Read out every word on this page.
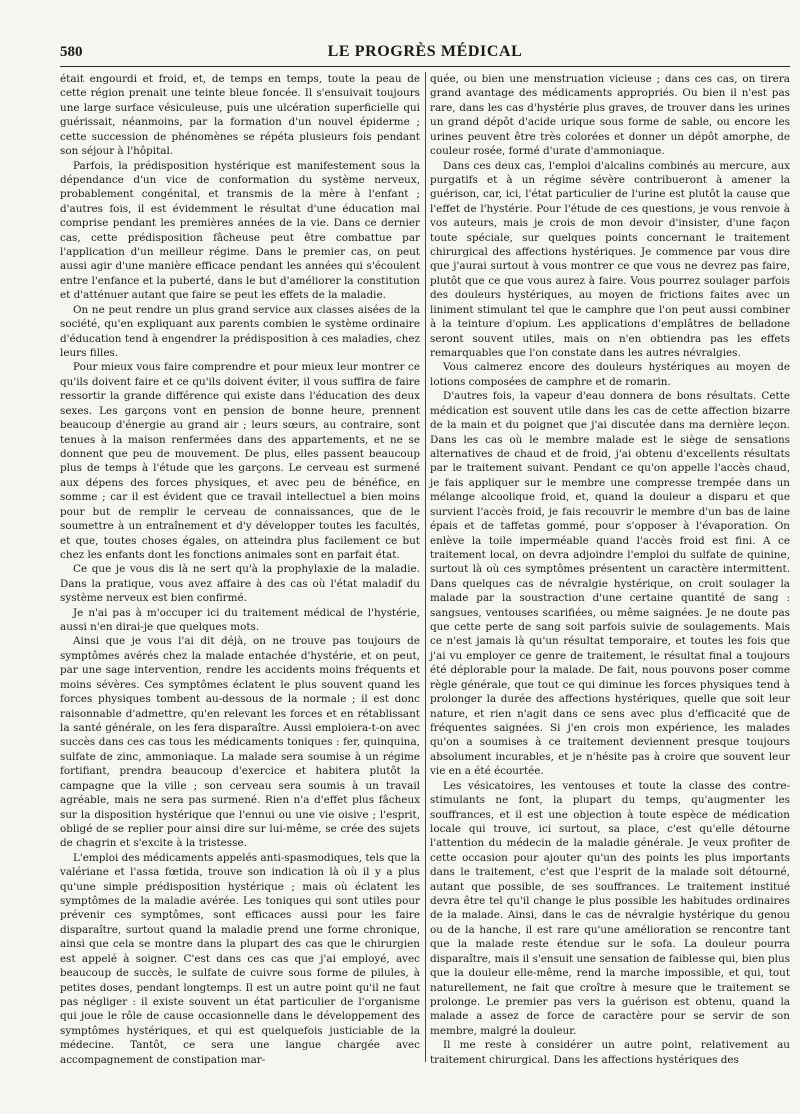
580	LE PROGRÈS MÉDICAL

était engourdi et froid, et, de temps en temps, toute la peau de cette région prenait une teinte bleue foncée. Il s'ensuivait toujours une large surface vésiculeuse, puis une ulcération superficielle qui guérissait, néanmoins, par la formation d'un nouvel épiderme ; cette succession de phénomènes se répéta plusieurs fois pendant son séjour à l'hôpital.

Parfois, la prédisposition hystérique est manifestement sous la dépendance d'un vice de conformation du système nerveux, probablement congénital, et transmis de la mère à l'enfant ; d'autres fois, il est évidemment le résultat d'une éducation mal comprise pendant les premières années de la vie. Dans ce dernier cas, cette prédisposition fâcheuse peut être combattue par l'application d'un meilleur régime. Dans le premier cas, on peut aussi agir d'une manière efficace pendant les années qui s'écoulent entre l'enfance et la puberté, dans le but d'améliorer la constitution et d'atténuer autant que faire se peut les effets de la maladie.

On ne peut rendre un plus grand service aux classes aisées de la société, qu'en expliquant aux parents combien le système ordinaire d'éducation tend à engendrer la prédisposition à ces maladies, chez leurs filles.

Pour mieux vous faire comprendre et pour mieux leur montrer ce qu'ils doivent faire et ce qu'ils doivent éviter, il vous suffira de faire ressortir la grande différence qui existe dans l'éducation des deux sexes. Les garçons vont en pension de bonne heure, prennent beaucoup d'énergie au grand air ; leurs sœurs, au contraire, sont tenues à la maison renfermées dans des appartements, et ne se donnent que peu de mouvement. De plus, elles passent beaucoup plus de temps à l'étude que les garçons. Le cerveau est surmené aux dépens des forces physiques, et avec peu de bénéfice, en somme ; car il est évident que ce travail intellectuel a bien moins pour but de remplir le cerveau de connaissances, que de le soumettre à un entraînement et d'y développer toutes les facultés, et que, toutes choses égales, on atteindra plus facilement ce but chez les enfants dont les fonctions animales sont en parfait état.

Ce que je vous dis là ne sert qu'à la prophylaxie de la maladie. Dans la pratique, vous avez affaire à des cas où l'état maladif du système nerveux est bien confirmé.

Je n'ai pas à m'occuper ici du traitement médical de l'hystérie, aussi n'en dirai-je que quelques mots.

Ainsi que je vous l'ai dit déjà, on ne trouve pas toujours de symptômes avérés chez la malade entachée d'hystérie, et on peut, par une sage intervention, rendre les accidents moins fréquents et moins sévères. Ces symptômes éclatent le plus souvent quand les forces physiques tombent au-dessous de la normale ; il est donc raisonnable d'admettre, qu'en relevant les forces et en rétablissant la santé générale, on les fera disparaître. Aussi emploiera-t-on avec succès dans ces cas tous les médicaments toniques : fer, quinquina, sulfate de zinc, ammoniaque. La malade sera soumise à un régime fortifiant, prendra beaucoup d'exercice et habitera plutôt la campagne que la ville ; son cerveau sera soumis à un travail agréable, mais ne sera pas surmené. Rien n'a d'effet plus fâcheux sur la disposition hystérique que l'ennui ou une vie oisive ; l'esprit, obligé de se replier pour ainsi dire sur lui-même, se crée des sujets de chagrin et s'excite à la tristesse.

L'emploi des médicaments appelés anti-spasmodiques, tels que la valériane et l'assa fœtida, trouve son indication là où il y a plus qu'une simple prédisposition hystérique ; mais où éclatent les symptômes de la maladie avérée. Les toniques qui sont utiles pour prévenir ces symptômes, sont efficaces aussi pour les faire disparaître, surtout quand la maladie prend une forme chronique, ainsi que cela se montre dans la plupart des cas que le chirurgien est appelé à soigner. C'est dans ces cas que j'ai employé, avec beaucoup de succès, le sulfate de cuivre sous forme de pilules, à petites doses, pendant longtemps. Il est un autre point qu'il ne faut pas négliger : il existe souvent un état particulier de l'organisme qui joue le rôle de cause occasionnelle dans le développement des symptômes hystériques, et qui est quelquefois justiciable de la médecine. Tantôt, ce sera une langue chargée avec accompagnement de constipation mar-

quée, ou bien une menstruation vicieuse ; dans ces cas, on tirera grand avantage des médicaments appropriés. Ou bien il n'est pas rare, dans les cas d'hystérie plus graves, de trouver dans les urines un grand dépôt d'acide urique sous forme de sable, ou encore les urines peuvent être très colorées et donner un dépôt amorphe, de couleur rosée, formé d'urate d'ammoniaque.

Dans ces deux cas, l'emploi d'alcalins combinés au mercure, aux purgatifs et à un régime sévère contribueront à amener la guérison, car, ici, l'état particulier de l'urine est plutôt la cause que l'effet de l'hystérie. Pour l'étude de ces questions, je vous renvoie à vos auteurs, mais je crois de mon devoir d'insister, d'une façon toute spéciale, sur quelques points concernant le traitement chirurgical des affections hystériques. Je commence par vous dire que j'aurai surtout à vous montrer ce que vous ne devrez pas faire, plutôt que ce que vous aurez à faire. Vous pourrez soulager parfois des douleurs hystériques, au moyen de frictions faites avec un liniment stimulant tel que le camphre que l'on peut aussi combiner à la teinture d'opium. Les applications d'emplâtres de belladone seront souvent utiles, mais on n'en obtiendra pas les effets remarquables que l'on constate dans les autres névralgies.

Vous calmerez encore des douleurs hystériques au moyen de lotions composées de camphre et de romarin.

D'autres fois, la vapeur d'eau donnera de bons résultats. Cette médication est souvent utile dans les cas de cette affection bizarre de la main et du poignet que j'ai discutée dans ma dernière leçon. Dans les cas où le membre malade est le siège de sensations alternatives de chaud et de froid, j'ai obtenu d'excellents résultats par le traitement suivant. Pendant ce qu'on appelle l'accès chaud, je fais appliquer sur le membre une compresse trempée dans un mélange alcoolique froid, et, quand la douleur a disparu et que survient l'accès froid, je fais recouvrir le membre d'un bas de laine épais et de taffetas gommé, pour s'opposer à l'évaporation. On enlève la toile imperméable quand l'accès froid est fini. A ce traitement local, on devra adjoindre l'emploi du sulfate de quinine, surtout là où ces symptômes présentent un caractère intermittent. Dans quelques cas de névralgie hystérique, on croit soulager la malade par la soustraction d'une certaine quantité de sang : sangsues, ventouses scarifiées, ou même saignées. Je ne doute pas que cette perte de sang soit parfois suivie de soulagements. Mais ce n'est jamais là qu'un résultat temporaire, et toutes les fois que j'ai vu employer ce genre de traitement, le résultat final a toujours été déplorable pour la malade. De fait, nous pouvons poser comme règle générale, que tout ce qui diminue les forces physiques tend à prolonger la durée des affections hystériques, quelle que soit leur nature, et rien n'agit dans ce sens avec plus d'efficacité que de fréquentes saignées. Si j'en crois mon expérience, les malades qu'on a soumises à ce traitement deviennent presque toujours absolument incurables, et je n'hésite pas à croire que souvent leur vie en a été écourtée.

Les vésicatoires, les ventouses et toute la classe des contre-stimulants ne font, la plupart du temps, qu'augmenter les souffrances, et il est une objection à toute espèce de médication locale qui trouve, ici surtout, sa place, c'est qu'elle détourne l'attention du médecin de la maladie générale. Je veux profiter de cette occasion pour ajouter qu'un des points les plus importants dans le traitement, c'est que l'esprit de la malade soit détourné, autant que possible, de ses souffrances. Le traitement institué devra être tel qu'il change le plus possible les habitudes ordinaires de la malade. Ainsi, dans le cas de névralgie hystérique du genou ou de la hanche, il est rare qu'une amélioration se rencontre tant que la malade reste étendue sur le sofa. La douleur pourra disparaître, mais il s'ensuit une sensation de faiblesse qui, bien plus que la douleur elle-même, rend la marche impossible, et qui, tout naturellement, ne fait que croître à mesure que le traitement se prolonge. Le premier pas vers la guérison est obtenu, quand la malade a assez de force de caractère pour se servir de son membre, malgré la douleur.

Il me reste à considérer un autre point, relativement au traitement chirurgical. Dans les affections hystériques des
